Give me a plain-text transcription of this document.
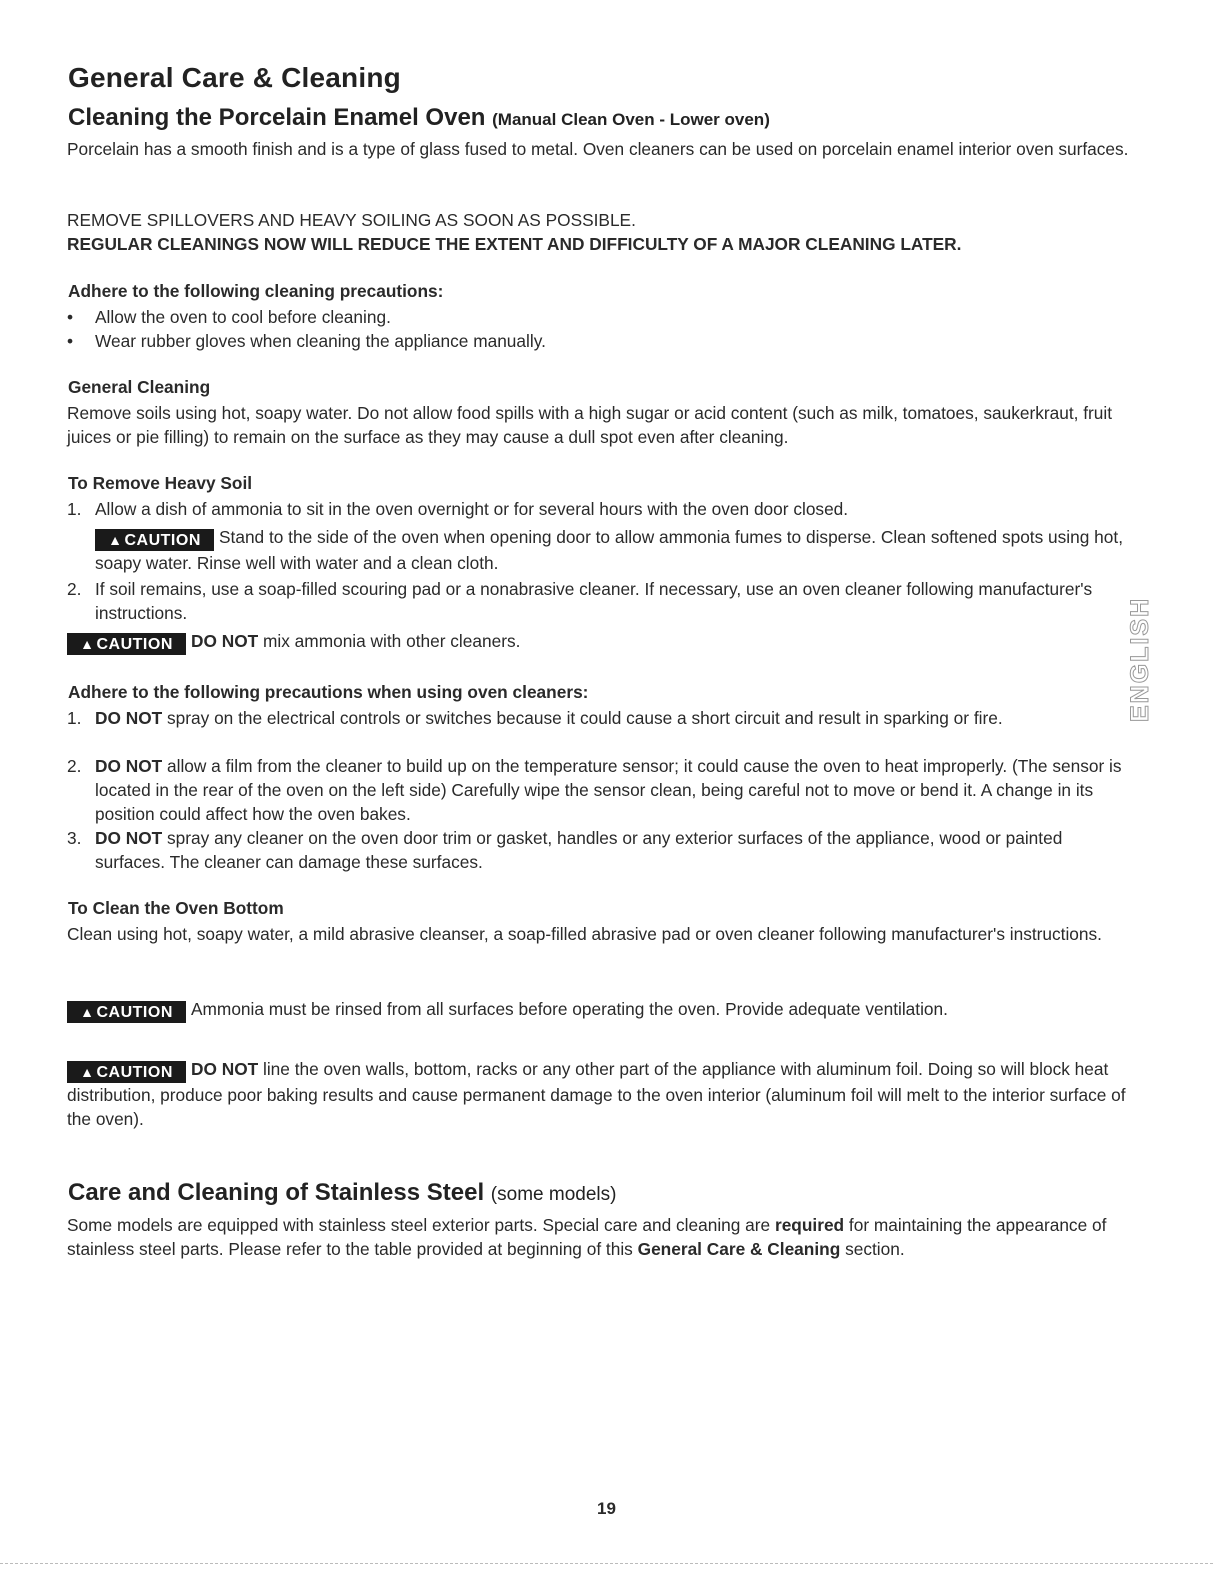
General Care & Cleaning
Cleaning the Porcelain Enamel Oven (Manual Clean Oven - Lower oven)

Porcelain has a smooth finish and is a type of glass fused to metal. Oven cleaners can be used on porcelain enamel interior oven surfaces.

REMOVE SPILLOVERS AND HEAVY SOILING AS SOON AS POSSIBLE.

REGULAR CLEANINGS NOW WILL REDUCE THE EXTENT AND DIFFICULTY OF A MAJOR CLEANING LATER.

Adhere to the following cleaning precautions:

•	Allow the oven to cool before cleaning.
•	Wear rubber gloves when cleaning the appliance manually.

General Cleaning

Remove soils using hot, soapy water. Do not allow food spills with a high sugar or acid content (such as milk, tomatoes, saukerkraut, fruit juices or pie filling) to remain on the surface as they may cause a dull spot even after cleaning.

To Remove Heavy Soil

1. Allow a dish of ammonia to sit in the oven overnight or for several hours with the oven door closed.
▲ CAUTION Stand to the side of the oven when opening door to allow ammonia fumes to disperse. Clean softened spots using hot, soapy water. Rinse well with water and a clean cloth.
2. If soil remains, use a soap-filled scouring pad or a nonabrasive cleaner. If necessary, use an oven cleaner following manufacturer's instructions.
▲ CAUTION DO NOT mix ammonia with other cleaners.

Adhere to the following precautions when using oven cleaners:

1. DO NOT spray on the electrical controls or switches because it could cause a short circuit and result in sparking or fire.
2. DO NOT allow a film from the cleaner to build up on the temperature sensor; it could cause the oven to heat improperly. (The sensor is located in the rear of the oven on the left side) Carefully wipe the sensor clean, being careful not to move or bend it. A change in its position could affect how the oven bakes.
3. DO NOT spray any cleaner on the oven door trim or gasket, handles or any exterior surfaces of the appliance, wood or painted surfaces. The cleaner can damage these surfaces.

To Clean the Oven Bottom

Clean using hot, soapy water, a mild abrasive cleanser, a soap-filled abrasive pad or oven cleaner following manufacturer's instructions.

▲ CAUTION Ammonia must be rinsed from all surfaces before operating the oven. Provide adequate ventilation.
▲ CAUTION DO NOT line the oven walls, bottom, racks or any other part of the appliance with aluminum foil. Doing so will block heat distribution, produce poor baking results and cause permanent damage to the oven interior (aluminum foil will melt to the interior surface of the oven).
Care and Cleaning of Stainless Steel (some models)

Some models are equipped with stainless steel exterior parts. Special care and cleaning are required for maintaining the appearance of stainless steel parts. Please refer to the table provided at beginning of this General Care & Cleaning section.

ENGLISH
19
